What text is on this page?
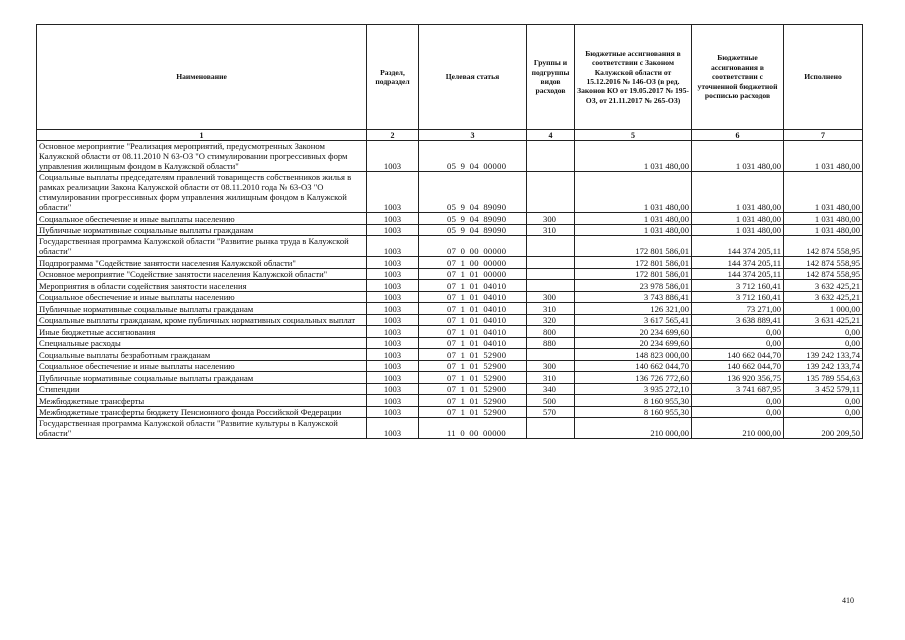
Наименование	Раздел, подраздел	Целевая статья	Группы и подгруппы видов расходов	Бюджетные ассигнования в соответствии с Законом Калужской области от 15.12.2016 № 146-ОЗ (в ред. Законов КО от 19.05.2017 № 195-ОЗ, от 21.11.2017 № 265-ОЗ)	Бюджетные ассигнования в соответствии с уточненной бюджетной росписью расходов	Исполнено
1	2	3	4	5	6	7
Основное мероприятие "Реализация мероприятий, предусмотренных Законом Калужской области от 08.11.2010 N 63-ОЗ "О стимулировании прогрессивных форм управления жилищным фондом в Калужской области"	1003	05 9 04 00000		1 031 480,00	1 031 480,00	1 031 480,00
Социальные выплаты председателям правлений товариществ собственников жилья в рамках реализации Закона Калужской области от 08.11.2010 года № 63-ОЗ "О стимулировании прогрессивных форм управления жилищным фондом в Калужской области"	1003	05 9 04 89090		1 031 480,00	1 031 480,00	1 031 480,00
Социальное обеспечение и иные выплаты населению	1003	05 9 04 89090	300	1 031 480,00	1 031 480,00	1 031 480,00
Публичные нормативные социальные выплаты гражданам	1003	05 9 04 89090	310	1 031 480,00	1 031 480,00	1 031 480,00
Государственная программа Калужской области "Развитие рынка труда в Калужской области"	1003	07 0 00 00000		172 801 586,01	144 374 205,11	142 874 558,95
Подпрограмма "Содействие занятости населения Калужской области"	1003	07 1 00 00000		172 801 586,01	144 374 205,11	142 874 558,95
Основное мероприятие "Содействие занятости населения Калужской области"	1003	07 1 01 00000		172 801 586,01	144 374 205,11	142 874 558,95
Мероприятия в области содействия занятости населения	1003	07 1 01 04010		23 978 586,01	3 712 160,41	3 632 425,21
Социальное обеспечение и иные выплаты населению	1003	07 1 01 04010	300	3 743 886,41	3 712 160,41	3 632 425,21
Публичные нормативные социальные выплаты гражданам	1003	07 1 01 04010	310	126 321,00	73 271,00	1 000,00
Социальные выплаты гражданам, кроме публичных нормативных социальных выплат	1003	07 1 01 04010	320	3 617 565,41	3 638 889,41	3 631 425,21
Иные бюджетные ассигнования	1003	07 1 01 04010	800	20 234 699,60	0,00	0,00
Специальные расходы	1003	07 1 01 04010	880	20 234 699,60	0,00	0,00
Социальные выплаты безработным гражданам	1003	07 1 01 52900		148 823 000,00	140 662 044,70	139 242 133,74
Социальное обеспечение и иные выплаты населению	1003	07 1 01 52900	300	140 662 044,70	140 662 044,70	139 242 133,74
Публичные нормативные социальные выплаты гражданам	1003	07 1 01 52900	310	136 726 772,60	136 920 356,75	135 789 554,63
Стипендии	1003	07 1 01 52900	340	3 935 272,10	3 741 687,95	3 452 579,11
Межбюджетные трансферты	1003	07 1 01 52900	500	8 160 955,30	0,00	0,00
Межбюджетные трансферты бюджету Пенсионного фонда Российской Федерации	1003	07 1 01 52900	570	8 160 955,30	0,00	0,00
Государственная программа Калужской области "Развитие культуры в Калужской области"	1003	11 0 00 00000		210 000,00	210 000,00	200 209,50
410
